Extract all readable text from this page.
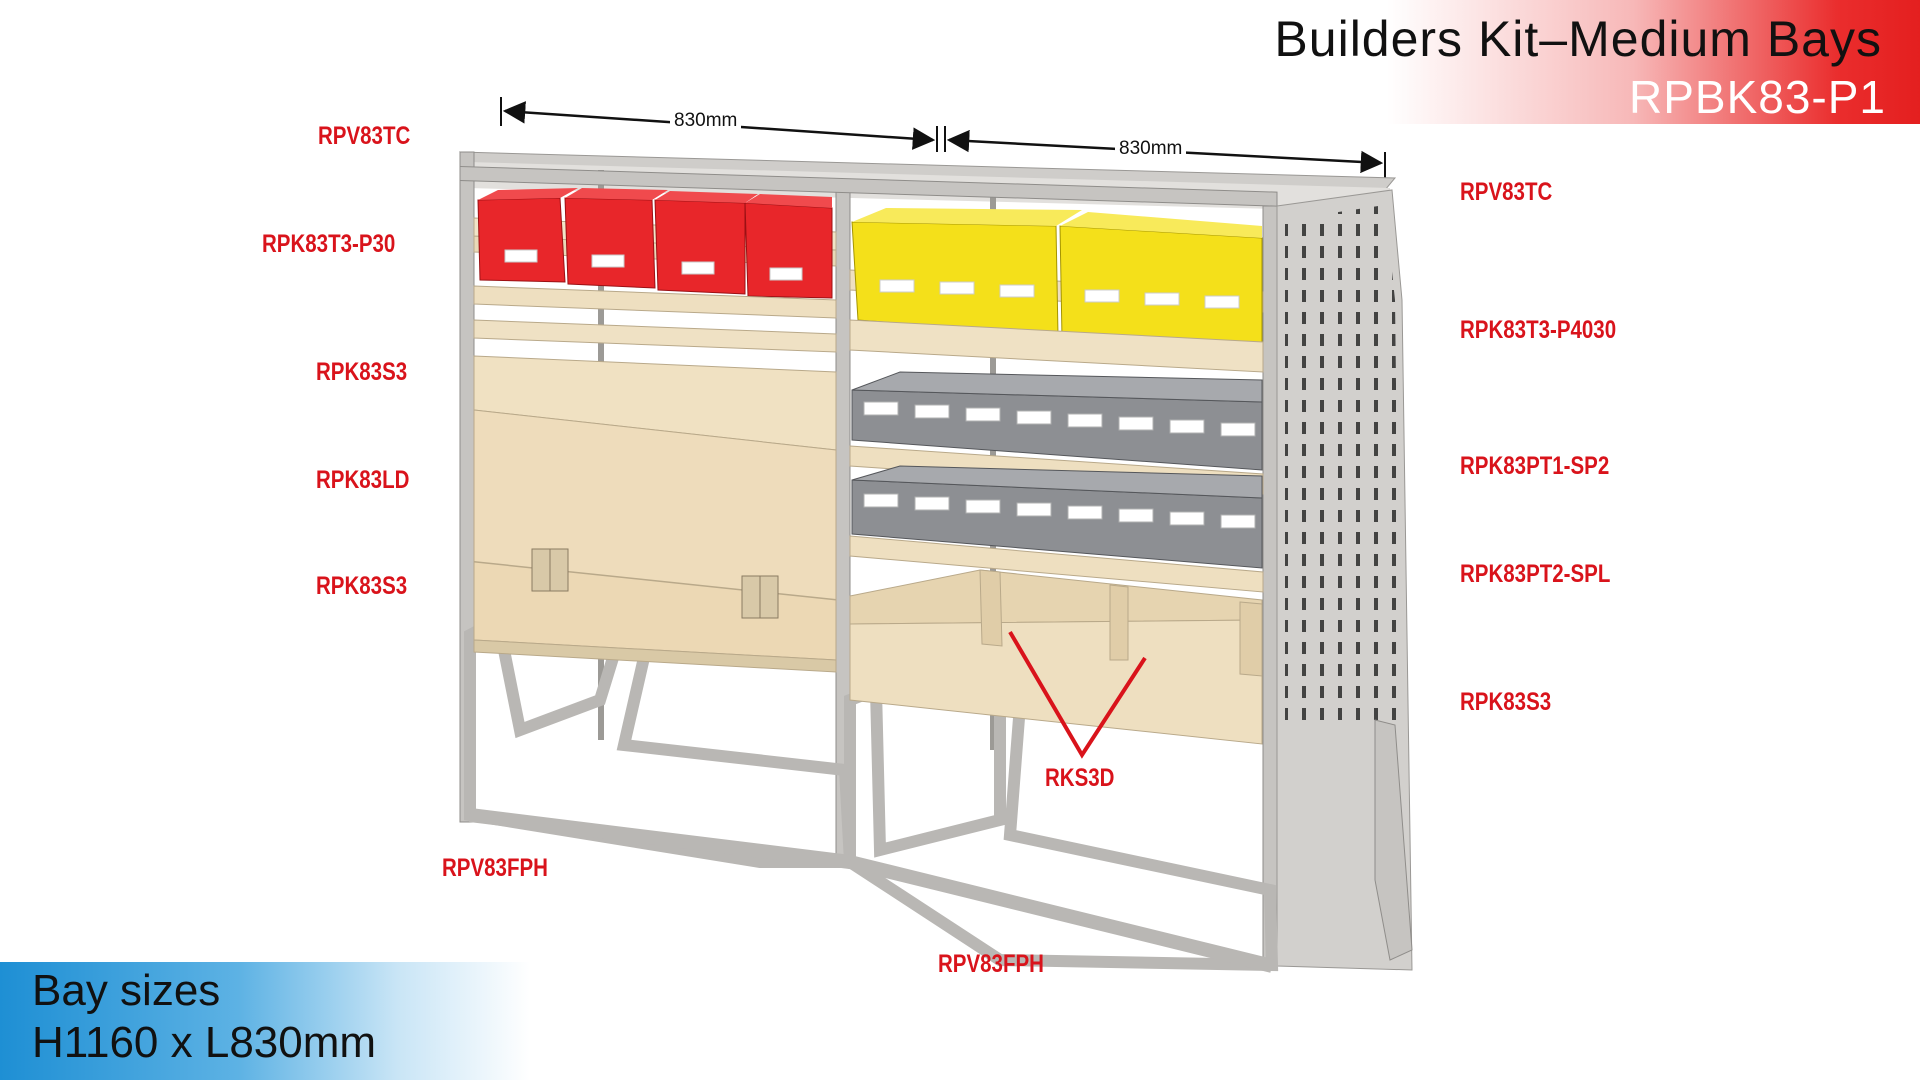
Builders Kit–Medium Bays
RPBK83-P1
830mm
830mm
RPV83TC
RPK83T3-P30
RPK83S3
RPK83LD
RPK83S3
RPV83FPH
RPV83TC
RPK83T3-P4030
RPK83PT1-SP2
RPK83PT2-SPL
RPK83S3
RKS3D
RPV83FPH
Bay sizes
H1160 x L830mm
